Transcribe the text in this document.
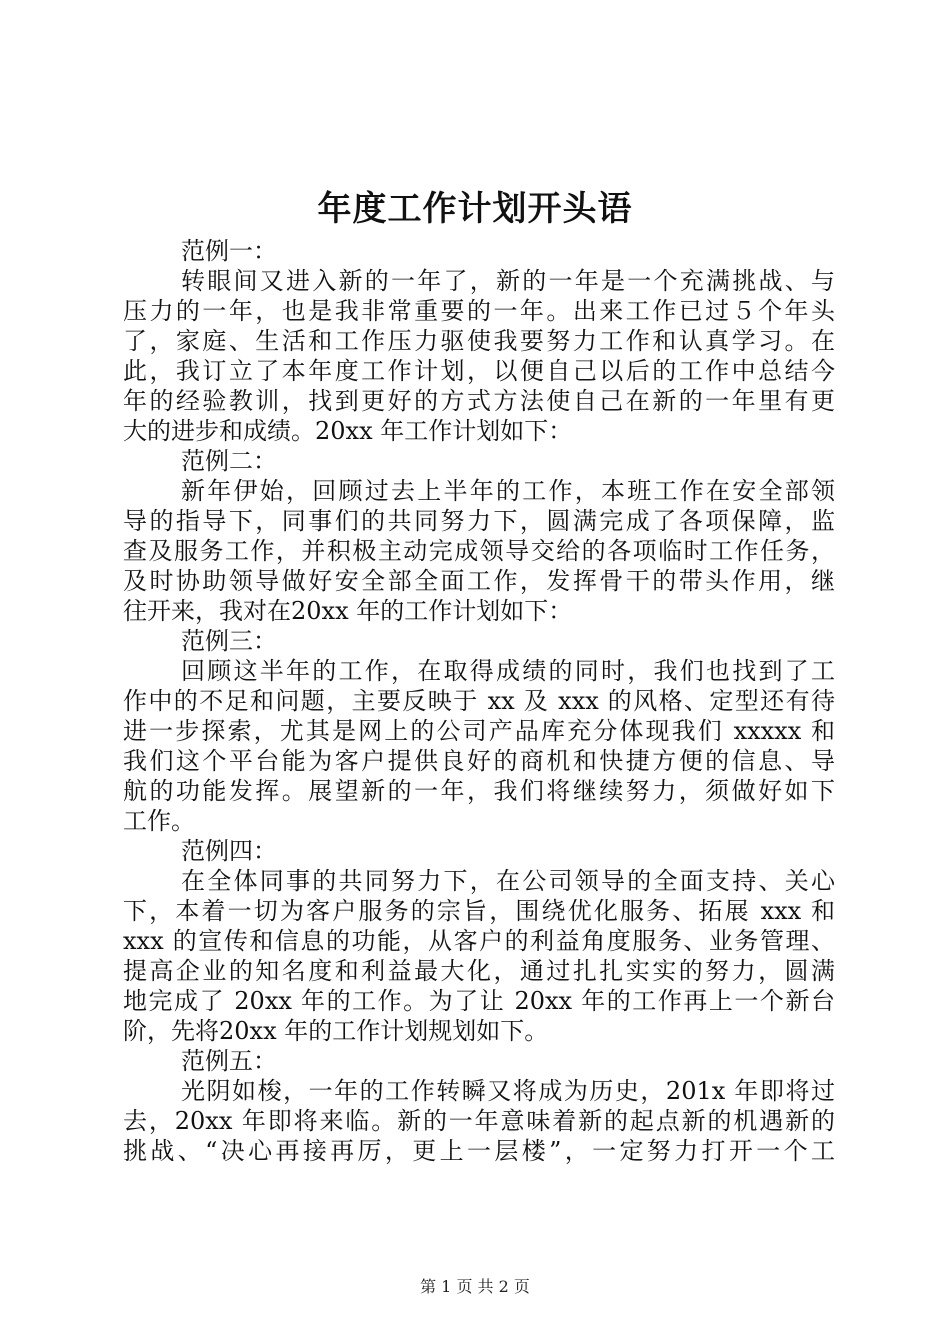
年度工作计划开头语

范例一：

转眼间又进入新的一年了，新的一年是一个充满挑战、与
压力的一年，也是我非常重要的一年。出来工作已过５个年头
了，家庭、生活和工作压力驱使我要努力工作和认真学习。在
此，我订立了本年度工作计划，以便自己以后的工作中总结今
年的经验教训，找到更好的方式方法使自己在新的一年里有更
大的进步和成绩。20xx 年工作计划如下：

范例二：

新年伊始，回顾过去上半年的工作，本班工作在安全部领
导的指导下，同事们的共同努力下，圆满完成了各项保障，监
查及服务工作，并积极主动完成领导交给的各项临时工作任务，
及时协助领导做好安全部全面工作，发挥骨干的带头作用，继
往开来，我对在20xx 年的工作计划如下：

范例三：

回顾这半年的工作，在取得成绩的同时，我们也找到了工
作中的不足和问题，主要反映于 xx 及 xxx 的风格、定型还有待
进一步探索，尤其是网上的公司产品库充分体现我们 xxxxx 和
我们这个平台能为客户提供良好的商机和快捷方便的信息、导
航的功能发挥。展望新的一年，我们将继续努力，须做好如下
工作。

范例四：

在全体同事的共同努力下，在公司领导的全面支持、关心
下，本着一切为客户服务的宗旨，围绕优化服务、拓展 xxx 和
xxx 的宣传和信息的功能，从客户的利益角度服务、业务管理、
提高企业的知名度和利益最大化，通过扎扎实实的努力，圆满
地完成了 20xx 年的工作。为了让 20xx 年的工作再上一个新台
阶，先将20xx 年的工作计划规划如下。

范例五：

光阴如梭，一年的工作转瞬又将成为历史，201x 年即将过
去，20xx 年即将来临。新的一年意味着新的起点新的机遇新的
挑战、“决心再接再厉，更上一层楼”，一定努力打开一个工

第 1 页 共 2 页
